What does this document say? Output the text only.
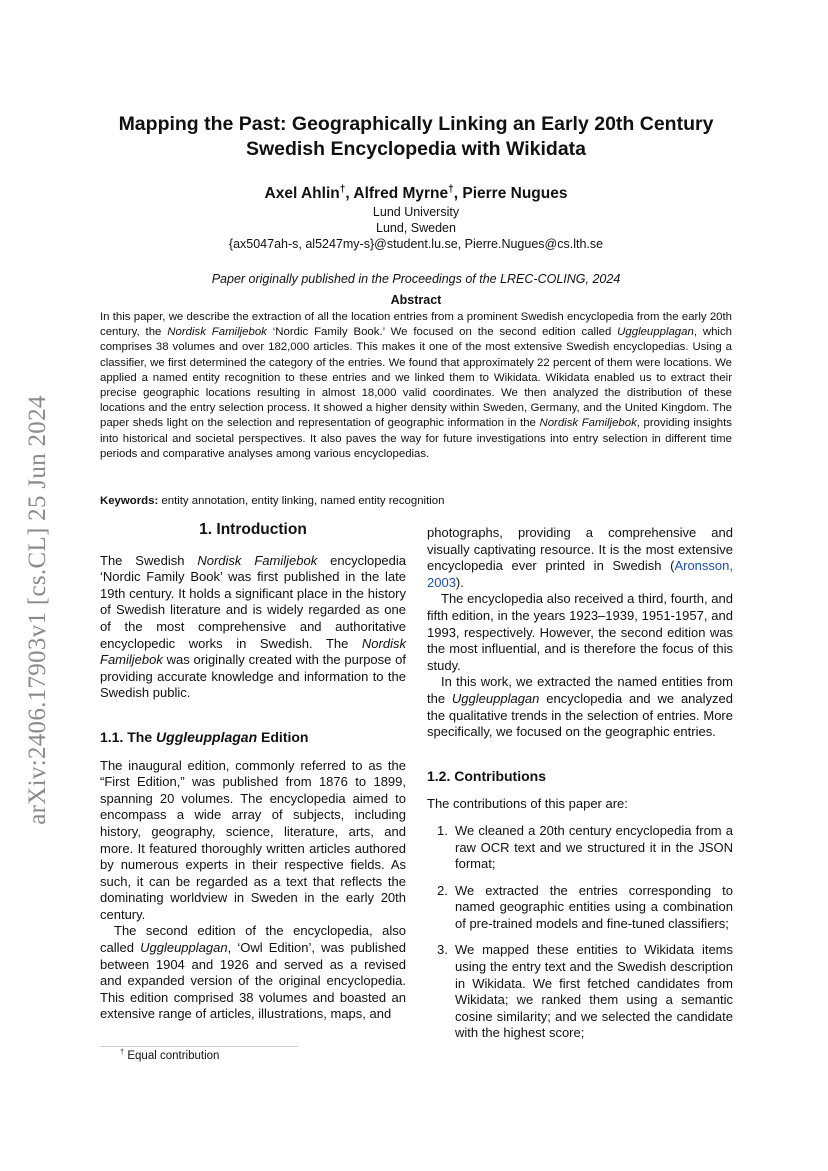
arXiv:2406.17903v1 [cs.CL] 25 Jun 2024
Mapping the Past: Geographically Linking an Early 20th Century
Swedish Encyclopedia with Wikidata
Axel Ahlin†, Alfred Myrne†, Pierre Nugues
Lund University
Lund, Sweden
{ax5047ah-s, al5247my-s}@student.lu.se, Pierre.Nugues@cs.lth.se
Paper originally published in the Proceedings of the LREC-COLING, 2024
Abstract
In this paper, we describe the extraction of all the location entries from a prominent Swedish encyclopedia from the early 20th century, the Nordisk Familjebok ‘Nordic Family Book.’ We focused on the second edition called Uggleupplagan, which comprises 38 volumes and over 182,000 articles. This makes it one of the most extensive Swedish encyclopedias. Using a classifier, we first determined the category of the entries. We found that approximately 22 percent of them were locations. We applied a named entity recognition to these entries and we linked them to Wikidata. Wikidata enabled us to extract their precise geographic locations resulting in almost 18,000 valid coordinates. We then analyzed the distribution of these locations and the entry selection process. It showed a higher density within Sweden, Germany, and the United Kingdom. The paper sheds light on the selection and representation of geographic information in the Nordisk Familjebok, providing insights into historical and societal perspectives. It also paves the way for future investigations into entry selection in different time periods and comparative analyses among various encyclopedias.
Keywords: entity annotation, entity linking, named entity recognition
1. Introduction

The Swedish Nordisk Familjebok encyclopedia ‘Nordic Family Book’ was first published in the late 19th century. It holds a significant place in the history of Swedish literature and is widely regarded as one of the most comprehensive and authoritative encyclopedic works in Swedish. The Nordisk Familjebok was originally created with the purpose of providing accurate knowledge and information to the Swedish public.

1.1. The Uggleupplagan Edition

The inaugural edition, commonly referred to as the “First Edition,” was published from 1876 to 1899, spanning 20 volumes. The encyclopedia aimed to encompass a wide array of subjects, including history, geography, science, literature, arts, and more. It featured thoroughly written articles authored by numerous experts in their respective fields. As such, it can be regarded as a text that reflects the dominating worldview in Sweden in the early 20th century.

The second edition of the encyclopedia, also called Uggleupplagan, ‘Owl Edition’, was published between 1904 and 1926 and served as a revised and expanded version of the original encyclopedia. This edition comprised 38 volumes and boasted an extensive range of articles, illustrations, maps, and

photographs, providing a comprehensive and visually captivating resource. It is the most extensive encyclopedia ever printed in Swedish (Aronsson, 2003).

The encyclopedia also received a third, fourth, and fifth edition, in the years 1923–1939, 1951-1957, and 1993, respectively. However, the second edition was the most influential, and is therefore the focus of this study.

In this work, we extracted the named entities from the Uggleupplagan encyclopedia and we analyzed the qualitative trends in the selection of entries. More specifically, we focused on the geographic entries.

1.2. Contributions

The contributions of this paper are:

1. We cleaned a 20th century encyclopedia from a raw OCR text and we structured it in the JSON format;
2. We extracted the entries corresponding to named geographic entities using a combination of pre-trained models and fine-tuned classifiers;
3. We mapped these entities to Wikidata items using the entry text and the Swedish description in Wikidata. We first fetched candidates from Wikidata; we ranked them using a semantic cosine similarity; and we selected the candidate with the highest score;
† Equal contribution
